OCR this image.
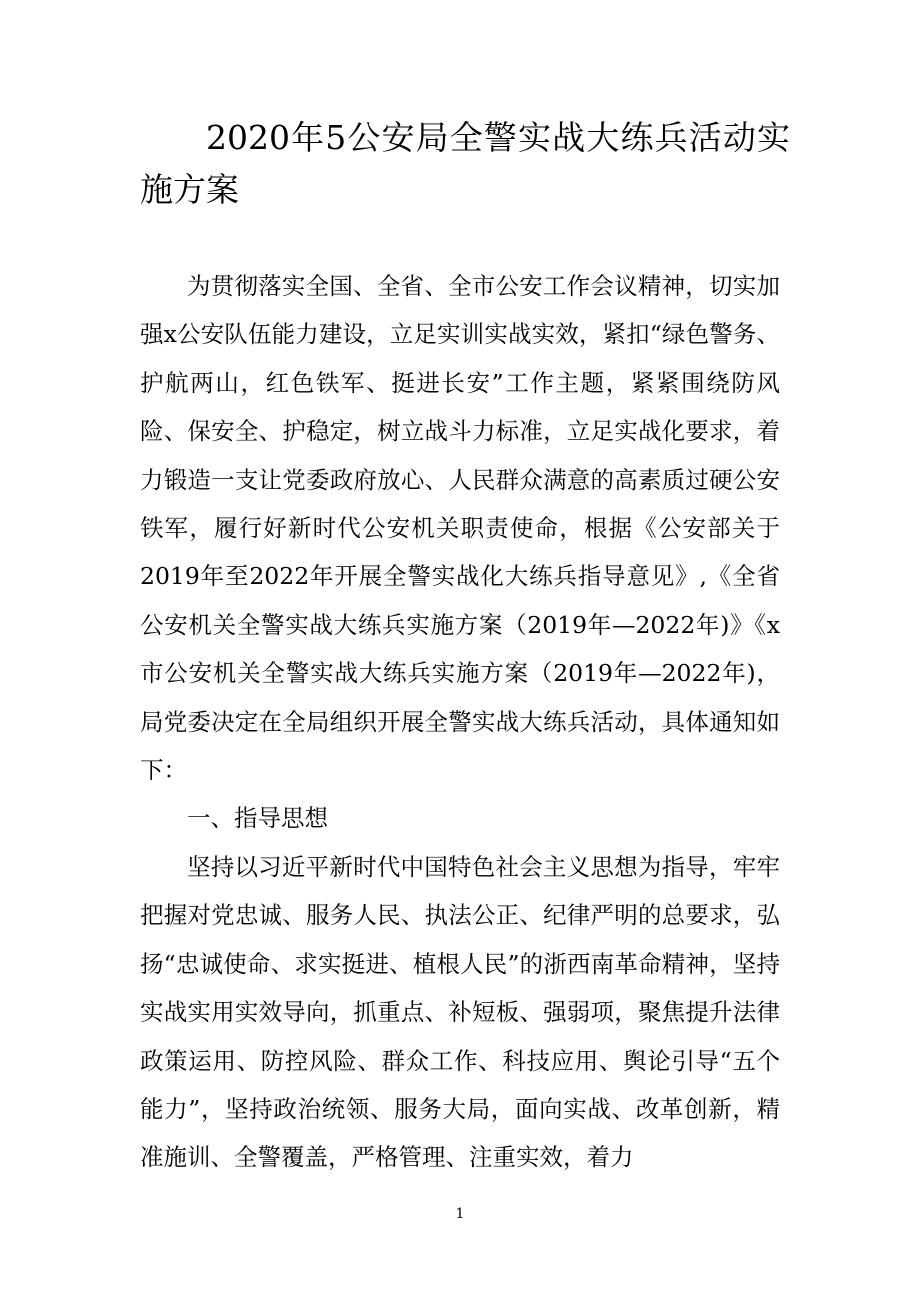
2020年5公安局全警实战大练兵活动实施方案

为贯彻落实全国、全省、全市公安工作会议精神，切实加强x公安队伍能力建设，立足实训实战实效，紧扣“绿色警务、护航两山，红色铁军、挺进长安”工作主题，紧紧围绕防风险、保安全、护稳定，树立战斗力标准，立足实战化要求，着力锻造一支让党委政府放心、人民群众满意的高素质过硬公安铁军，履行好新时代公安机关职责使命，根据《公安部关于2019年至2022年开展全警实战化大练兵指导意见》,《全省公安机关全警实战大练兵实施方案（2019年—2022年)》《x市公安机关全警实战大练兵实施方案（2019年—2022年)，局党委决定在全局组织开展全警实战大练兵活动，具体通知如下：

一、指导思想

坚持以习近平新时代中国特色社会主义思想为指导，牢牢把握对党忠诚、服务人民、执法公正、纪律严明的总要求，弘扬“忠诚使命、求实挺进、植根人民”的浙西南革命精神，坚持实战实用实效导向，抓重点、补短板、强弱项，聚焦提升法律政策运用、防控风险、群众工作、科技应用、舆论引导“五个能力”，坚持政治统领、服务大局，面向实战、改革创新，精准施训、全警覆盖，严格管理、注重实效，着力

1
